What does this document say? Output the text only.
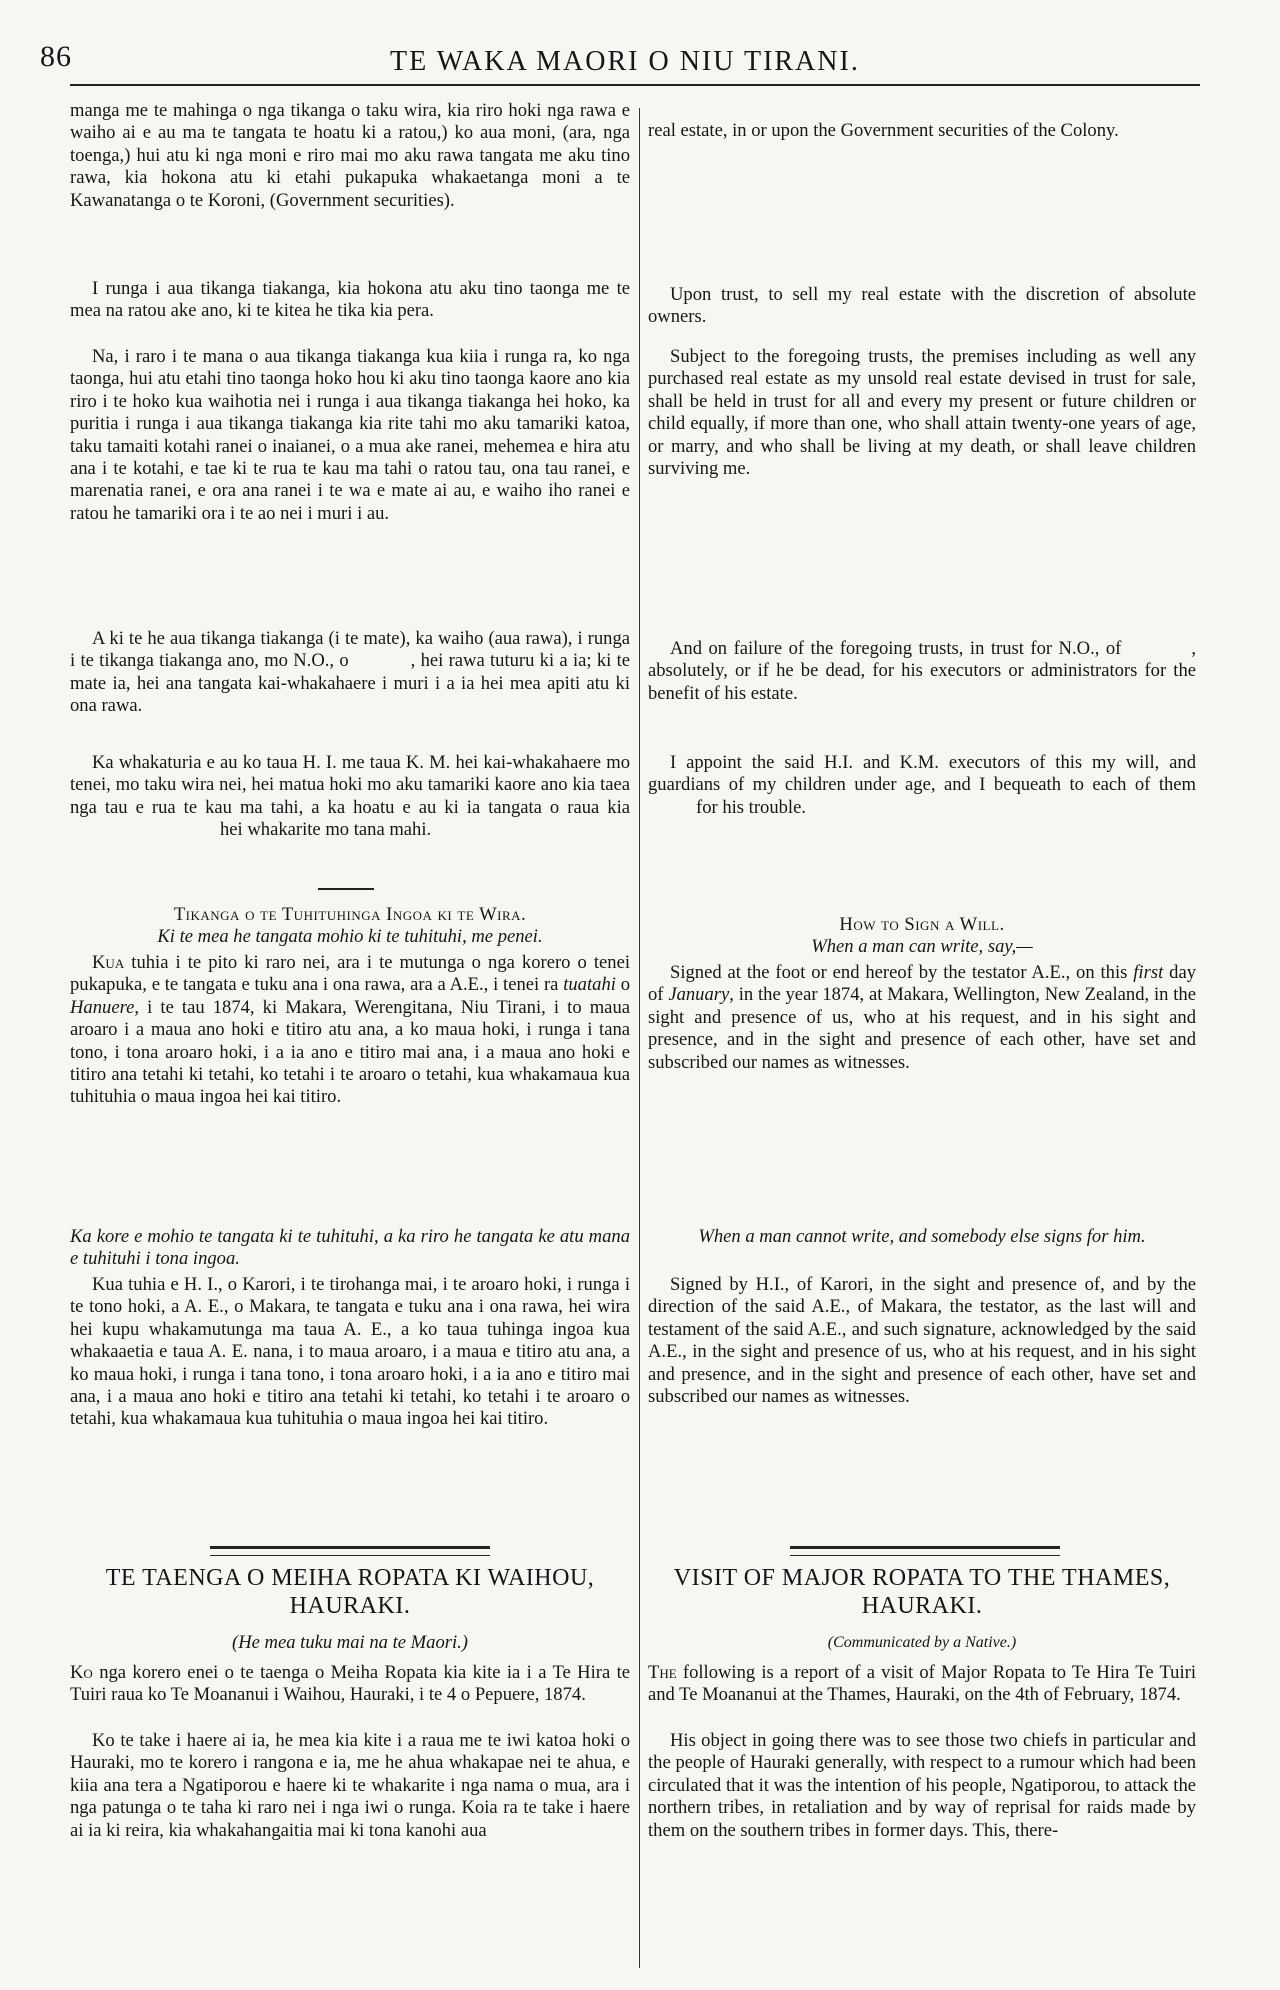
86	TE WAKA MAORI O NIU TIRANI.

manga me te mahinga o nga tikanga o taku wira, kia riro hoki nga rawa e waiho ai e au ma te tangata te hoatu ki a ratou,) ko aua moni, (ara, nga toenga,) hui atu ki nga moni e riro mai mo aku rawa tangata me aku tino rawa, kia hokona atu ki etahi pukapuka whakaetanga moni a te Kawanatanga o te Koroni, (Government securities).

I runga i aua tikanga tiakanga, kia hokona atu aku tino taonga me te mea na ratou ake ano, ki te kitea he tika kia pera.

Na, i raro i te mana o aua tikanga tiakanga kua kiia i runga ra, ko nga taonga, hui atu etahi tino taonga hoko hou ki aku tino taonga kaore ano kia riro i te hoko kua waihotia nei i runga i aua tikanga tiakanga hei hoko, ka puritia i runga i aua tikanga tiakanga kia rite tahi mo aku tamariki katoa, taku tamaiti kotahi ranei o inaianei, o a mua ake ranei, mehemea e hira atu ana i te kotahi, e tae ki te rua te kau ma tahi o ratou tau, ona tau ranei, e marenatia ranei, e ora ana ranei i te wa e mate ai au, e waiho iho ranei e ratou he tamariki ora i te ao nei i muri i au.

A ki te he aua tikanga tiakanga (i te mate), ka waiho (aua rawa), i runga i te tikanga tiakanga ano, mo N.O., o	, hei rawa tuturu ki a ia; ki te mate ia, hei ana tangata kai-whakahaere i muri i a ia hei mea apiti atu ki ona rawa.

Ka whakaturia e au ko taua H. I. me taua K. M. hei kai-whakahaere mo tenei, mo taku wira nei, hei matua hoki mo aku tamariki kaore ano kia taea nga tau e rua te kau ma tahi, a ka hoatu e au ki ia tangata o raua kiahei whakarite mo tana mahi.

Tikanga o te Tuhituhinga Ingoa ki te Wira.

Ki te mea he tangata mohio ki te tuhituhi, me penei.

Kua tuhia i te pito ki raro nei, ara i te mutunga o nga korero o tenei pukapuka, e te tangata e tuku ana i ona rawa, ara a A.E., i tenei ra tuatahi o Hanuere, i te tau 1874, ki Makara, Werengitana, Niu Tirani, i to maua aroaro i a maua ano hoki e titiro atu ana, a ko maua hoki, i runga i tana tono, i tona aroaro hoki, i a ia ano e titiro mai ana, i a maua ano hoki e titiro ana tetahi ki tetahi, ko tetahi i te aroaro o tetahi, kua whakamaua kua tuhituhia o maua ingoa hei kai titiro.

Ka kore e mohio te tangata ki te tuhituhi, a ka riro he tangata ke atu mana e tuhituhi i tona ingoa.

Kua tuhia e H. I., o Karori, i te tirohanga mai, i te aroaro hoki, i runga i te tono hoki, a A. E., o Makara, te tangata e tuku ana i ona rawa, hei wira hei kupu whakamutunga ma taua A. E., a ko taua tuhinga ingoa kua whakaaetia e taua A. E. nana, i to maua aroaro, i a maua e titiro atu ana, a ko maua hoki, i runga i tana tono, i tona aroaro hoki, i a ia ano e titiro mai ana, i a maua ano hoki e titiro ana tetahi ki tetahi, ko tetahi i te aroaro o tetahi, kua whakamaua kua tuhituhia o maua ingoa hei kai titiro.

TE TAENGA O MEIHA ROPATA KI WAIHOU, HAURAKI.

(He mea tuku mai na te Maori.)

Ko nga korero enei o te taenga o Meiha Ropata kia kite ia i a Te Hira te Tuiri raua ko Te Moananui i Waihou, Hauraki, i te 4 o Pepuere, 1874.

Ko te take i haere ai ia, he mea kia kite i a raua me te iwi katoa hoki o Hauraki, mo te korero i rangona e ia, me he ahua whakapae nei te ahua, e kiia ana tera a Ngatiporou e haere ki te whakarite i nga nama o mua, ara i nga patunga o te taha ki raro nei i nga iwi o runga. Koia ra te take i haere ai ia ki reira, kia whakahangaitia mai ki tona kanohi aua

real estate, in or upon the Government securities of the Colony.

Upon trust, to sell my real estate with the discretion of absolute owners.

Subject to the foregoing trusts, the premises including as well any purchased real estate as my unsold real estate devised in trust for sale, shall be held in trust for all and every my present or future children or child equally, if more than one, who shall attain twenty-one years of age, or marry, and who shall be living at my death, or shall leave children surviving me.

And on failure of the foregoing trusts, in trust for N.O., of	, absolutely, or if he be dead, for his executors or administrators for the benefit of his estate.

I appoint the said H.I. and K.M. executors of this my will, and guardians of my children under age, and I bequeath to each of themfor his trouble.

How to Sign a Will.

When a man can write, say,—

Signed at the foot or end hereof by the testator A.E., on this first day of January, in the year 1874, at Makara, Wellington, New Zealand, in the sight and presence of us, who at his request, and in his sight and presence, and in the sight and presence of each other, have set and subscribed our names as witnesses.

When a man cannot write, and somebody else signs for him.

Signed by H.I., of Karori, in the sight and presence of, and by the direction of the said A.E., of Makara, the testator, as the last will and testament of the said A.E., and such signature, acknowledged by the said A.E., in the sight and presence of us, who at his request, and in his sight and presence, and in the sight and presence of each other, have set and subscribed our names as witnesses.

VISIT OF MAJOR ROPATA TO THE THAMES, HAURAKI.

(Communicated by a Native.)

The following is a report of a visit of Major Ropata to Te Hira Te Tuiri and Te Moananui at the Thames, Hauraki, on the 4th of February, 1874.

His object in going there was to see those two chiefs in particular and the people of Hauraki generally, with respect to a rumour which had been circulated that it was the intention of his people, Ngatiporou, to attack the northern tribes, in retaliation and by way of reprisal for raids made by them on the southern tribes in former days. This, there-
